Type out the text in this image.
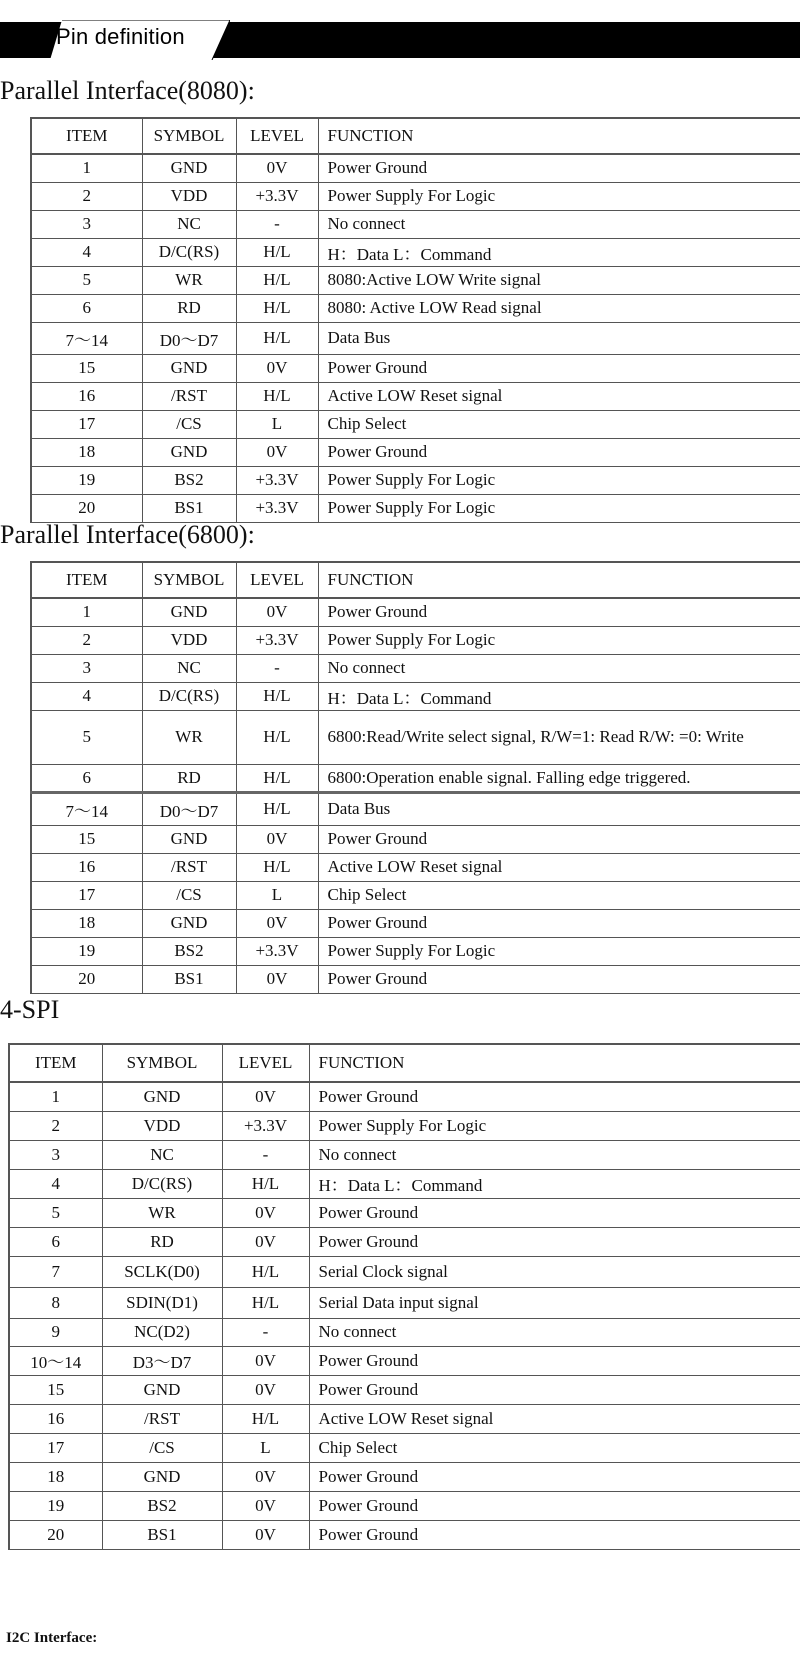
Pin definition
Parallel Interface(8080):
ITEM	SYMBOL	LEVEL	FUNCTION
1	GND	0V	Power Ground
2	VDD	+3.3V	Power Supply For Logic
3	NC	-	No connect
4	D/C(RS)	H/L	H：Data L：Command
5	WR	H/L	8080:Active LOW Write signal
6	RD	H/L	8080: Active LOW Read signal
7～14	D0～D7	H/L	Data Bus
15	GND	0V	Power Ground
16	/RST	H/L	Active LOW Reset signal
17	/CS	L	Chip Select
18	GND	0V	Power Ground
19	BS2	+3.3V	Power Supply For Logic
20	BS1	+3.3V	Power Supply For Logic
Parallel Interface(6800):
ITEM	SYMBOL	LEVEL	FUNCTION
1	GND	0V	Power Ground
2	VDD	+3.3V	Power Supply For Logic
3	NC	-	No connect
4	D/C(RS)	H/L	H：Data L：Command
5	WR	H/L	6800:Read/Write select signal, R/W=1: Read R/W: =0: Write

6	RD	H/L	6800:Operation enable signal. Falling edge triggered.
7～14	D0～D7	H/L	Data Bus
15	GND	0V	Power Ground
16	/RST	H/L	Active LOW Reset signal
17	/CS	L	Chip Select
18	GND	0V	Power Ground
19	BS2	+3.3V	Power Supply For Logic
20	BS1	0V	Power Ground
4-SPI
ITEM	SYMBOL	LEVEL	FUNCTION
1	GND	0V	Power Ground
2	VDD	+3.3V	Power Supply For Logic
3	NC	-	No connect
4	D/C(RS)	H/L	H：Data L：Command
5	WR	0V	Power Ground
6	RD	0V	Power Ground
7	SCLK(D0)	H/L	Serial Clock signal
8	SDIN(D1)	H/L	Serial Data input signal
9	NC(D2)	-	No connect
10～14	D3～D7	0V	Power Ground
15	GND	0V	Power Ground
16	/RST	H/L	Active LOW Reset signal
17	/CS	L	Chip Select
18	GND	0V	Power Ground
19	BS2	0V	Power Ground
20	BS1	0V	Power Ground
I2C Interface:
